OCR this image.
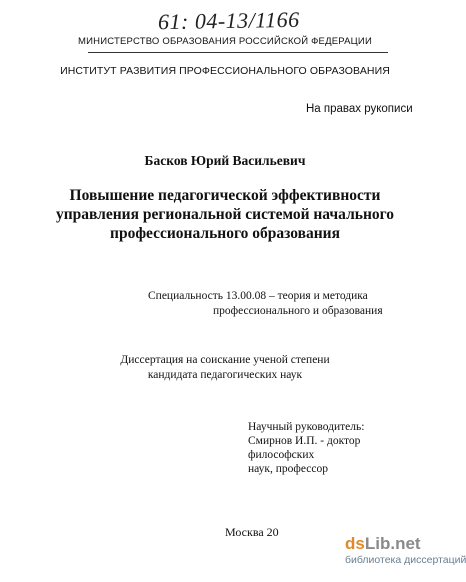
61: 04-13/1166
МИНИСТЕРСТВО ОБРАЗОВАНИЯ РОССИЙСКОЙ ФЕДЕРАЦИИ
ИНСТИТУТ РАЗВИТИЯ ПРОФЕССИОНАЛЬНОГО ОБРАЗОВАНИЯ
На правах рукописи
Басков Юрий Васильевич
Повышение педагогической эффективности
управления региональной системой начального
профессионального образования
Специальность 13.00.08 – теория и методика
профессионального и образования
Диссертация на соискание ученой степени
кандидата педагогических наук
Научный руководитель:
Смирнов И.П. - доктор
философских
наук, профессор
Москва 20
dsLib.net
библиотека диссертаций
